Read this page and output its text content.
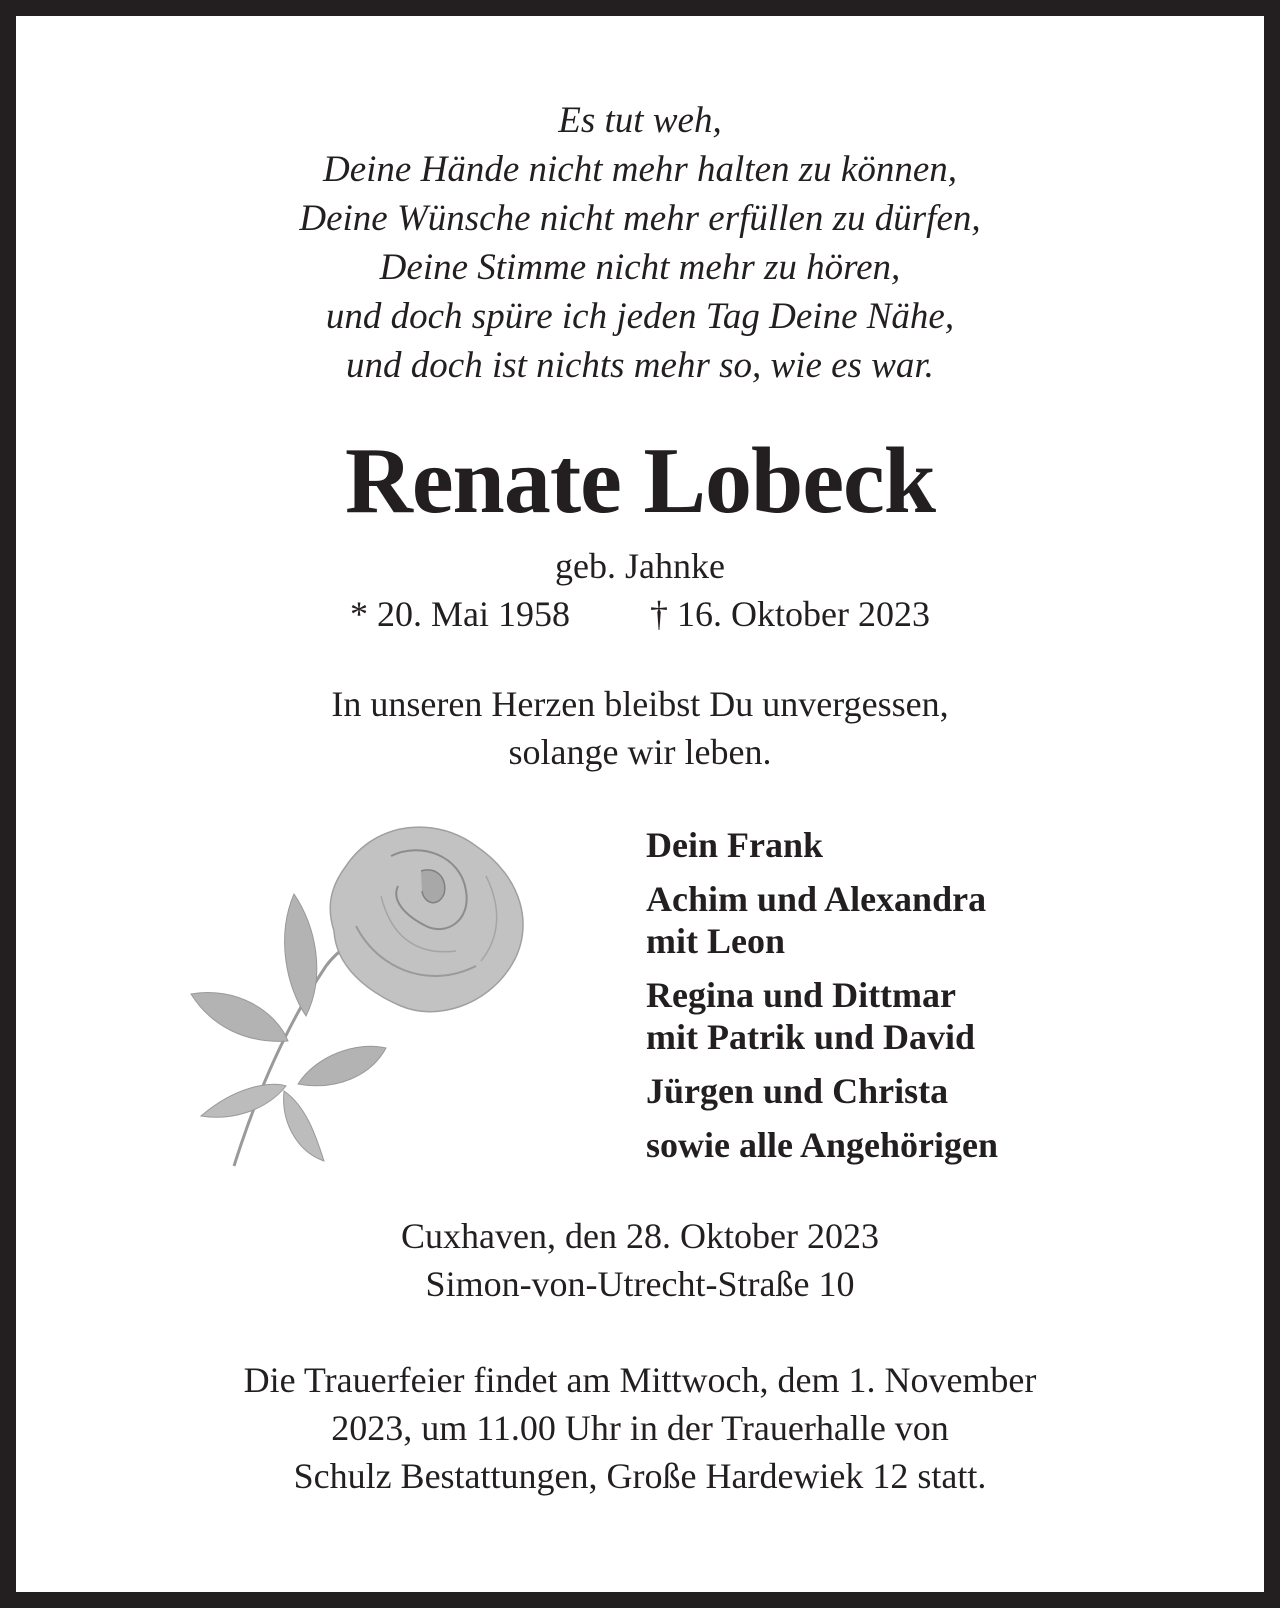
Es tut weh,
Deine Hände nicht mehr halten zu können,
Deine Wünsche nicht mehr erfüllen zu dürfen,
Deine Stimme nicht mehr zu hören,
und doch spüre ich jeden Tag Deine Nähe,
und doch ist nichts mehr so, wie es war.
Renate Lobeck
geb. Jahnke
* 20. Mai 1958 † 16. Oktober 2023
In unseren Herzen bleibst Du unvergessen,
solange wir leben.
Dein Frank
Achim und Alexandra
mit Leon
Regina und Dittmar
mit Patrik und David
Jürgen und Christa
sowie alle Angehörigen
Cuxhaven, den 28. Oktober 2023
Simon-von-Utrecht-Straße 10
Die Trauerfeier findet am Mittwoch, dem 1. November
2023, um 11.00 Uhr in der Trauerhalle von
Schulz Bestattungen, Große Hardewiek 12 statt.
